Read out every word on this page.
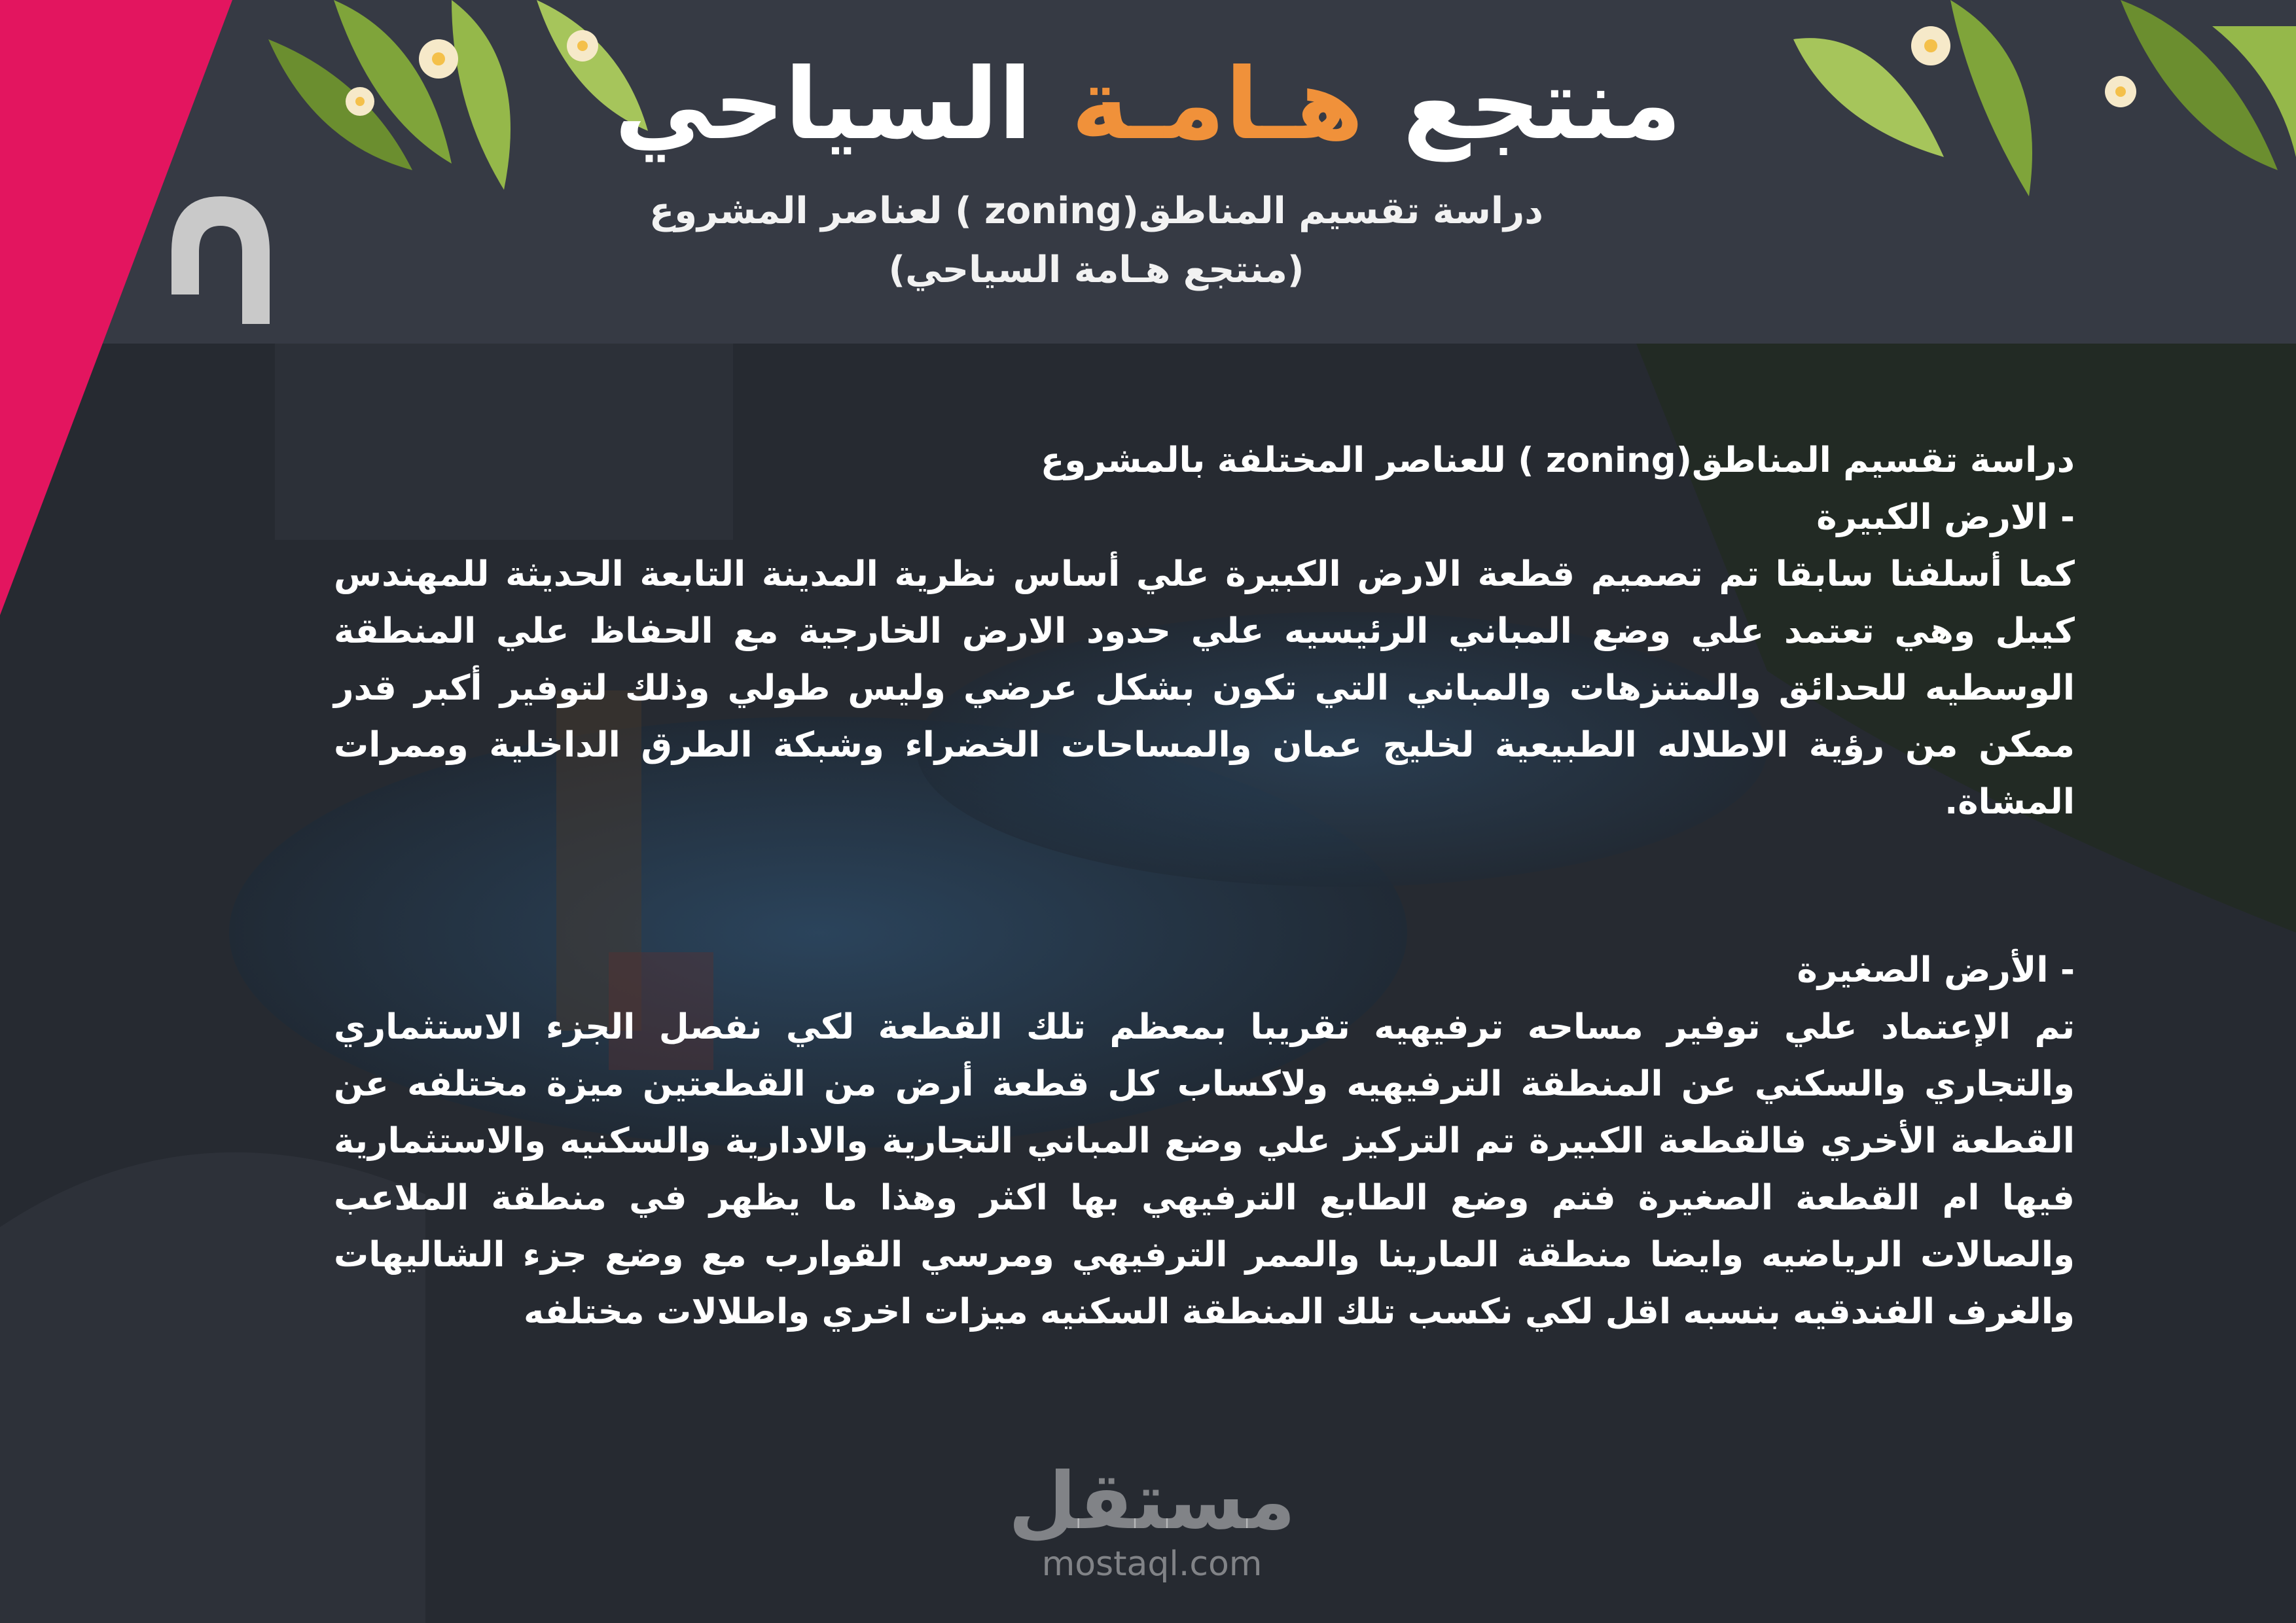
منتجع
هـامـة
السياحي
دراسة تقسيم المناطق(zoning ) لعناصر المشروع
(منتجع هـامة السياحي)

دراسة تقسيم المناطق(zoning ) للعناصر المختلفة بالمشروع

- الارض الكبيرة

كما أسلفنا سابقا تم تصميم قطعة الارض الكبيرة علي أساس نظرية المدينة التابعة الحديثة للمهندس كيبل وهي تعتمد علي وضع المباني الرئيسيه علي حدود الارض الخارجية مع الحفاظ علي المنطقة الوسطيه للحدائق والمتنزهات والمباني التي تكون بشكل عرضي وليس طولي وذلك لتوفير أكبر قدر ممكن من رؤية الاطلاله الطبيعية لخليج عمان والمساحات الخضراء وشبكة الطرق الداخلية وممرات المشاة.

- الأرض الصغيرة

تم الإعتماد علي توفير مساحه ترفيهيه تقريبا بمعظم تلك القطعة لكي نفصل الجزء الاستثماري والتجاري والسكني عن المنطقة الترفيهيه ولاكساب كل قطعة أرض من القطعتين ميزة مختلفه عن القطعة الأخري فالقطعة الكبيرة تم التركيز علي وضع المباني التجارية والادارية والسكنيه والاستثمارية فيها ام القطعة الصغيرة فتم وضع الطابع الترفيهي بها اكثر وهذا ما يظهر في منطقة الملاعب والصالات الرياضيه وايضا منطقة المارينا والممر الترفيهي ومرسي القوارب مع وضع جزء الشاليهات والغرف الفندقيه بنسبه اقل لكي نكسب تلك المنطقة السكنيه ميزات اخري واطلالات مختلفه

مستقل
mostaql.com
